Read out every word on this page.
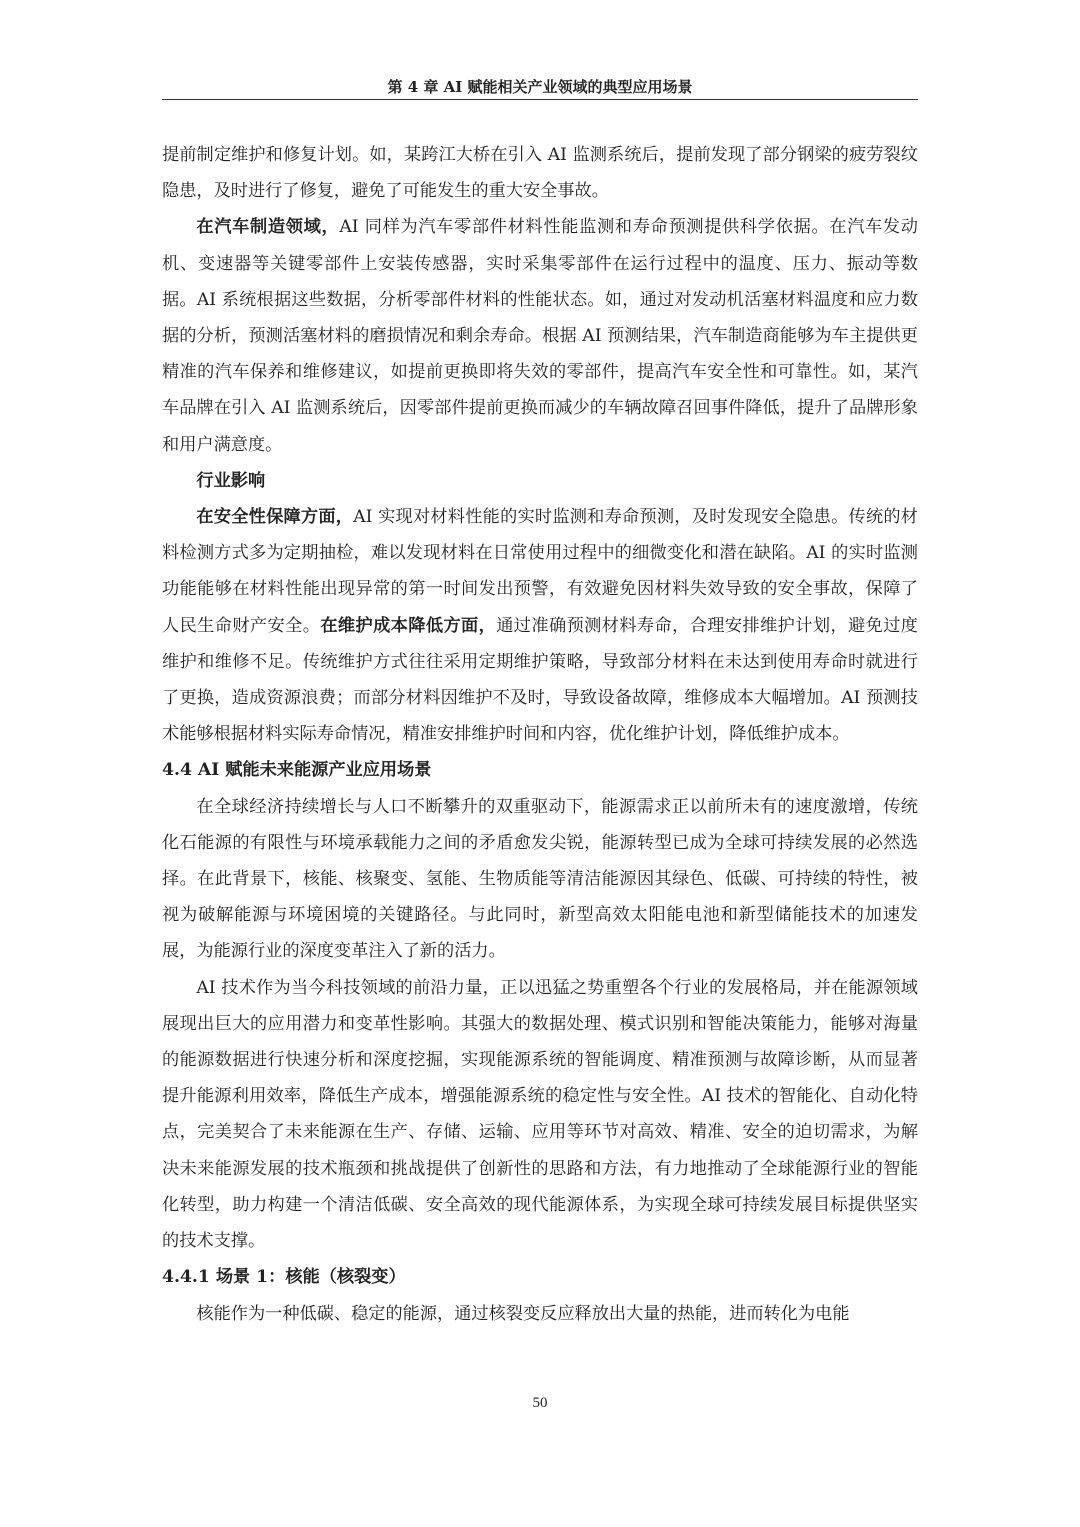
第 4 章 AI 赋能相关产业领域的典型应用场景

提前制定维护和修复计划。如，某跨江大桥在引入 AI 监测系统后，提前发现了部分钢梁的疲劳裂纹隐患，及时进行了修复，避免了可能发生的重大安全事故。

在汽车制造领域，AI 同样为汽车零部件材料性能监测和寿命预测提供科学依据。在汽车发动机、变速器等关键零部件上安装传感器，实时采集零部件在运行过程中的温度、压力、振动等数据。AI 系统根据这些数据，分析零部件材料的性能状态。如，通过对发动机活塞材料温度和应力数据的分析，预测活塞材料的磨损情况和剩余寿命。根据 AI 预测结果，汽车制造商能够为车主提供更精准的汽车保养和维修建议，如提前更换即将失效的零部件，提高汽车安全性和可靠性。如，某汽车品牌在引入 AI 监测系统后，因零部件提前更换而减少的车辆故障召回事件降低，提升了品牌形象和用户满意度。

行业影响

在安全性保障方面，AI 实现对材料性能的实时监测和寿命预测，及时发现安全隐患。传统的材料检测方式多为定期抽检，难以发现材料在日常使用过程中的细微变化和潜在缺陷。AI 的实时监测功能能够在材料性能出现异常的第一时间发出预警，有效避免因材料失效导致的安全事故，保障了人民生命财产安全。在维护成本降低方面，通过准确预测材料寿命，合理安排维护计划，避免过度维护和维修不足。传统维护方式往往采用定期维护策略，导致部分材料在未达到使用寿命时就进行了更换，造成资源浪费；而部分材料因维护不及时，导致设备故障，维修成本大幅增加。AI 预测技术能够根据材料实际寿命情况，精准安排维护时间和内容，优化维护计划，降低维护成本。

4.4 AI 赋能未来能源产业应用场景

在全球经济持续增长与人口不断攀升的双重驱动下，能源需求正以前所未有的速度激增，传统化石能源的有限性与环境承载能力之间的矛盾愈发尖锐，能源转型已成为全球可持续发展的必然选择。在此背景下，核能、核聚变、氢能、生物质能等清洁能源因其绿色、低碳、可持续的特性，被视为破解能源与环境困境的关键路径。与此同时，新型高效太阳能电池和新型储能技术的加速发展，为能源行业的深度变革注入了新的活力。

AI 技术作为当今科技领域的前沿力量，正以迅猛之势重塑各个行业的发展格局，并在能源领域展现出巨大的应用潜力和变革性影响。其强大的数据处理、模式识别和智能决策能力，能够对海量的能源数据进行快速分析和深度挖掘，实现能源系统的智能调度、精准预测与故障诊断，从而显著提升能源利用效率，降低生产成本，增强能源系统的稳定性与安全性。AI 技术的智能化、自动化特点，完美契合了未来能源在生产、存储、运输、应用等环节对高效、精准、安全的迫切需求，为解决未来能源发展的技术瓶颈和挑战提供了创新性的思路和方法，有力地推动了全球能源行业的智能化转型，助力构建一个清洁低碳、安全高效的现代能源体系，为实现全球可持续发展目标提供坚实的技术支撑。

4.4.1 场景 1：核能（核裂变）

核能作为一种低碳、稳定的能源，通过核裂变反应释放出大量的热能，进而转化为电能

50
